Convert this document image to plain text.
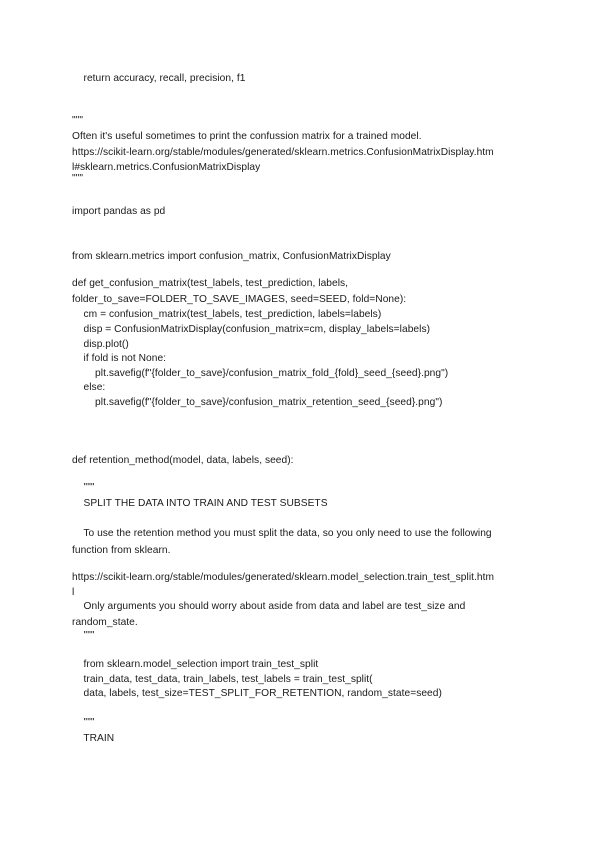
return accuracy, recall, precision, f1

"""

Often it's useful sometimes to print the confussion matrix for a trained model.

https://scikit-learn.org/stable/modules/generated/sklearn.metrics.ConfusionMatrixDisplay.htm

l#sklearn.metrics.ConfusionMatrixDisplay

"""

import pandas as pd

from sklearn.metrics import confusion_matrix, ConfusionMatrixDisplay

def get_confusion_matrix(test_labels, test_prediction, labels,

folder_to_save=FOLDER_TO_SAVE_IMAGES, seed=SEED, fold=None):

cm = confusion_matrix(test_labels, test_prediction, labels=labels)

disp = ConfusionMatrixDisplay(confusion_matrix=cm, display_labels=labels)

disp.plot()

if fold is not None:

plt.savefig(f"{folder_to_save}/confusion_matrix_fold_{fold}_seed_{seed}.png")

else:

plt.savefig(f"{folder_to_save}/confusion_matrix_retention_seed_{seed}.png")

def retention_method(model, data, labels, seed):

"""

SPLIT THE DATA INTO TRAIN AND TEST SUBSETS

To use the retention method you must split the data, so you only need to use the following

function from sklearn.

https://scikit-learn.org/stable/modules/generated/sklearn.model_selection.train_test_split.htm

l

Only arguments you should worry about aside from data and label are test_size and

random_state.

"""

from sklearn.model_selection import train_test_split

train_data, test_data, train_labels, test_labels = train_test_split(

data, labels, test_size=TEST_SPLIT_FOR_RETENTION, random_state=seed)

"""

TRAIN
